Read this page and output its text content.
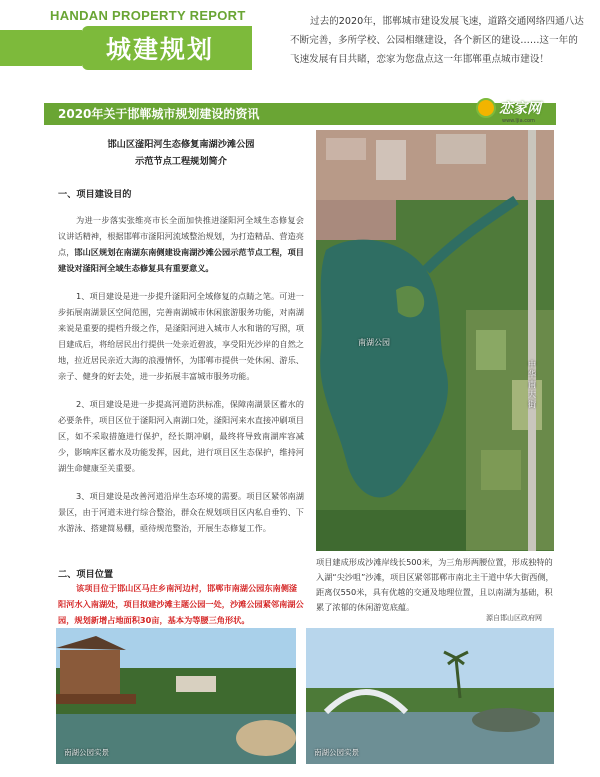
HANDAN PROPERTY REPORT
城建规划
过去的2020年，邯郸城市建设发展飞速，道路交通网络四通八达不断完善，多所学校、公园相继建设，各个新区的建设……这一年的飞速发展有目共睹，恋家为您盘点这一年邯郸重点城市建设！
2020年关于邯郸城市规划建设的资讯	恋家网
www.ljia.com
邯山区滏阳河生态修复南湖沙滩公园
示范节点工程规划简介
一、项目建设目的

为进一步落实张维亮市长全面加快推进滏阳河全域生态修复会议讲话精神，根据邯郸市滏阳河流域整治规划，为打造精品、营造亮点，邯山区规划在南湖东南侧建设南湖沙滩公园示范节点工程，项目建设对滏阳河全域生态修复具有重要意义。

1、项目建设是进一步提升滏阳河全域修复的点睛之笔。可进一步拓展南湖景区空间范围，完善南湖城市休闲旅游服务功能，对南湖来说是重要的提档升级之作，是滏阳河进入城市人水和谐的写照，项目建成后，将给居民出行提供一处亲近碧波，享受阳光沙岸的自然之地，拉近居民亲近大海的浪漫情怀，为邯郸市提供一处休闲、游乐、亲子、健身的好去处，进一步拓展丰富城市服务功能。

2、项目建设是进一步提高河道防洪标准，保障南湖景区蓄水的必要条件，项目区位于滏阳河入南湖口处，滏阳河来水直接冲刷项目区，如不采取措施进行保护，经长期冲刷，最终将导致南湖库容减少，影响库区蓄水及功能发挥，因此，进行项目区生态保护，维持河湖生命健康至关重要。

3、项目建设是改善河道沿岸生态环境的需要。项目区紧邻南湖景区，由于河道未进行综合整治，群众在规划项目区内私自垂钓、下水游泳、搭建简易棚，亟待规范整治，开展生态修复工作。

二、项目位置
该项目位于邯山区马庄乡南河边村，邯郸市南湖公园东南侧滏阳河水入南湖处，项目拟建沙滩主题公园一处，沙滩公园紧邻南湖公园，规划新增占地面积30亩，基本为等腰三角形状。
南湖公园
中华南大街
项目建成形成沙滩岸线长500米，为三角形两腰位置，形成独特的入湖“尖沙咀”沙滩，项目区紧邻邯郸市南北主干道中华大街西侧，距离仅550米，具有优越的交通及地理位置，且以南湖为基础，积累了浓郁的休闲游览底蕴。
源自邯山区政府网
南湖公园实景	南湖公园实景
